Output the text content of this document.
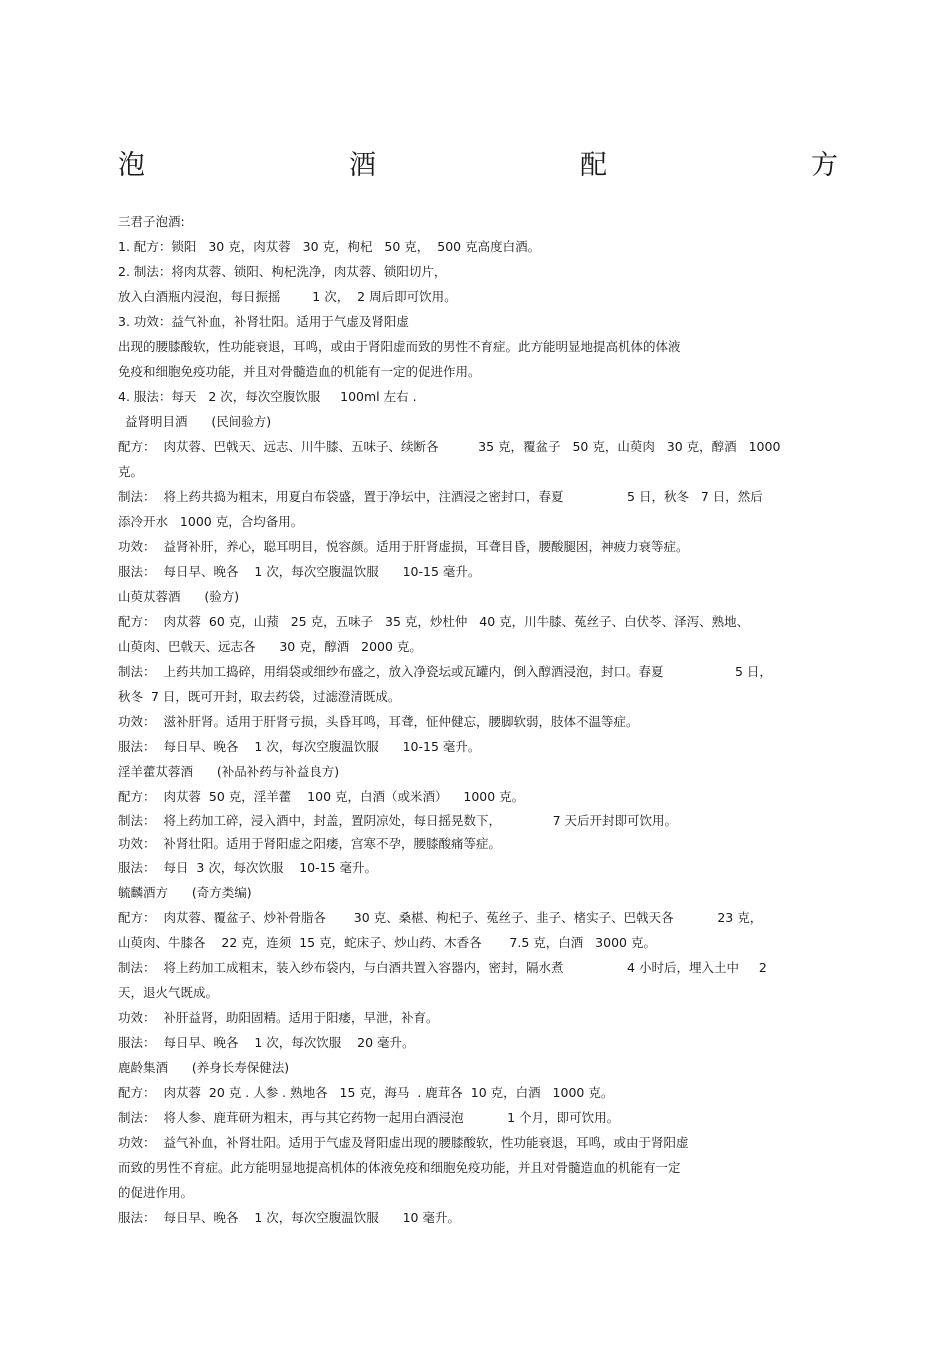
泡	酒	配	方
三君子泡酒:
1. 配方：锁阳   30 克，肉苁蓉   30 克，枸杞   50 克，  500 克高度白酒。
2. 制法：将肉苁蓉、锁阳、枸杞洗净，肉苁蓉、锁阳切片，
放入白酒瓶内浸泡，每日振摇        1 次，  2 周后即可饮用。
3. 功效：益气补血，补肾壮阳。适用于气虚及肾阳虚
出现的腰膝酸软，性功能衰退，耳鸣，或由于肾阳虚而致的男性不育症。此方能明显地提高机体的体液
免疫和细胞免疫功能，并且对骨髓造血的机能有一定的促进作用。
4. 服法：每天   2 次，每次空腹饮服     100ml 左右 .
益肾明目酒      (民间验方)
配方：  肉苁蓉、巴戟天、远志、川牛膝、五味子、续断各          35 克，覆盆子   50 克，山萸肉   30 克，醇酒   1000
克。
制法：  将上药共捣为粗末，用夏白布袋盛，置于净坛中，注酒浸之密封口，春夏                5 日，秋冬   7 日，然后
添冷开水   1000 克，合均备用。
功效：  益肾补肝，养心，聪耳明目，悦容颜。适用于肝肾虚损，耳聋目昏，腰酸腿困，神疲力衰等症。
服法：  每日早、晚各    1 次，每次空腹温饮服      10-15 毫升。
山萸苁蓉酒      (验方)
配方：  肉苁蓉  60 克，山蓣   25 克，五味子   35 克，炒杜仲   40 克，川牛膝、菟丝子、白伏苓、泽泻、熟地、
山萸肉、巴戟天、远志各      30 克，醇酒   2000 克。
制法：  上药共加工捣碎，用绢袋或细纱布盛之，放入净瓷坛或瓦罐内，倒入醇酒浸泡，封口。春夏                  5 日，
秋冬  7 日，既可开封，取去药袋，过滤澄清既成。
功效：  滋补肝肾。适用于肝肾亏损，头昏耳鸣，耳聋，怔仲健忘，腰脚软弱，肢体不温等症。
服法：  每日早、晚各    1 次，每次空腹温饮服      10-15 毫升。
淫羊藿苁蓉酒      (补品补药与补益良方)
配方：  肉苁蓉  50 克，淫羊藿    100 克，白酒（或米酒）    1000 克。
制法：  将上药加工碎，浸入酒中，封盖，置阴凉处，每日摇晃数下，             7 天后开封即可饮用。
功效：  补肾壮阳。适用于肾阳虚之阳痿，宫寒不孕，腰膝酸痛等症。
服法：  每日  3 次，每次饮服    10-15 毫升。
毓麟酒方      (奇方类编)
配方：  肉苁蓉、覆盆子、炒补骨脂各       30 克、桑椹、枸杞子、菟丝子、韭子、楮实子、巴戟天各           23 克，
山萸肉、牛膝各    22 克，连须  15 克，蛇床子、炒山药、木香各       7.5 克，白酒   3000 克。
制法：  将上药加工成粗末，装入纱布袋内，与白酒共置入容器内，密封，隔水煮                4 小时后，埋入土中     2
天，退火气既成。
功效：  补肝益肾，助阳固精。适用于阳痿，早泄，补育。
服法：  每日早、晚各    1 次，每次饮服    20 毫升。
鹿龄集酒      (养身长寿保健法)
配方：  肉苁蓉  20 克 . 人参 . 熟地各   15 克，海马  . 鹿茸各  10 克，白酒   1000 克。
制法：  将人参、鹿茸研为粗末，再与其它药物一起用白酒浸泡           1 个月，即可饮用。
功效：  益气补血，补肾壮阳。适用于气虚及肾阳虚出现的腰膝酸软，性功能衰退，耳鸣，或由于肾阳虚
而致的男性不育症。此方能明显地提高机体的体液免疫和细胞免疫功能，并且对骨髓造血的机能有一定
的促进作用。
服法：  每日早、晚各    1 次，每次空腹温饮服      10 毫升。
